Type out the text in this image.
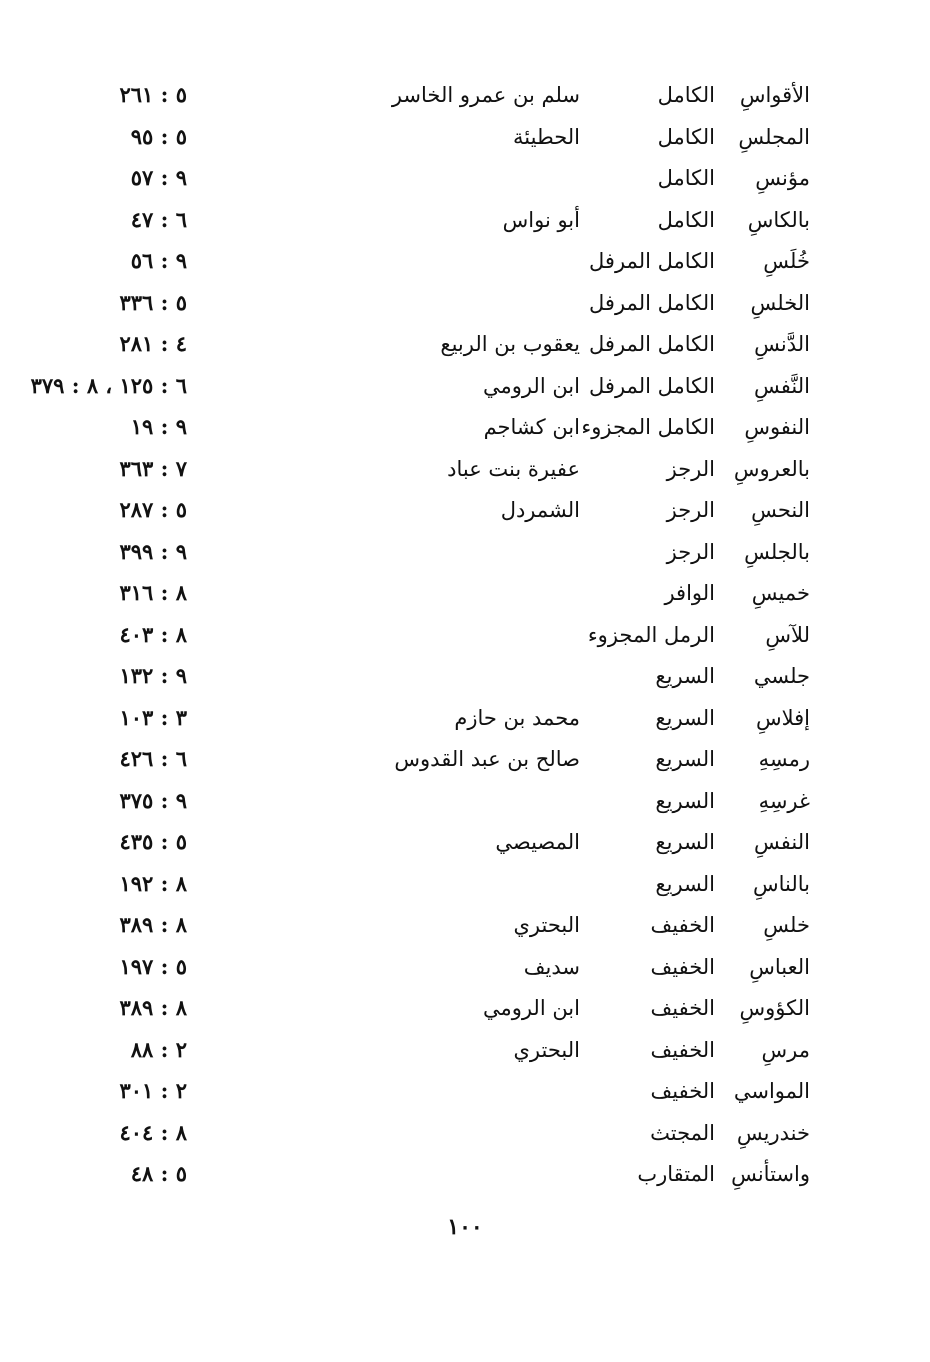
الأقواسِ
الكامل
سلم بن عمرو الخاسر
٥ : ٢٦١
المجلسِ
الكامل
الحطيئة
٥ : ٩٥
مؤنسِ
الكامل
٩ : ٥٧
بالكاسِ
الكامل
أبو نواس
٦ : ٤٧
خُلَسِ
الكامل المرفل
٩ : ٥٦
الخلسِ
الكامل المرفل
٥ : ٣٣٦
الدَّنسِ
الكامل المرفل
يعقوب بن الربيع
٤ : ٢٨١
النَّفسِ
الكامل المرفل
ابن الرومي
٦ : ١٢٥ ، ٨ : ٣٧٩
النفوسِ
الكامل المجزوء
ابن كشاجم
٩ : ١٩
بالعروسِ
الرجز
عفيرة بنت عباد
٧ : ٣٦٣
النحسِ
الرجز
الشمردل
٥ : ٢٨٧
بالجلسِ
الرجز
٩ : ٣٩٩
خميسِ
الوافر
٨ : ٣١٦
للآسِ
الرمل المجزوء
٨ : ٤٠٣
جلسي
السريع
٩ : ١٣٢
إفلاسِ
السريع
محمد بن حازم
٣ : ١٠٣
رمسِهِ
السريع
صالح بن عبد القدوس
٦ : ٤٢٦
غرسِهِ
السريع
٩ : ٣٧٥
النفسِ
السريع
المصيصي
٥ : ٤٣٥
بالناسِ
السريع
٨ : ١٩٢
خلسِ
الخفيف
البحتري
٨ : ٣٨٩
العباسِ
الخفيف
سديف
٥ : ١٩٧
الكؤوسِ
الخفيف
ابن الرومي
٨ : ٣٨٩
مرسِ
الخفيف
البحتري
٢ : ٨٨
المواسي
الخفيف
٢ : ٣٠١
خندريسِ
المجتث
٨ : ٤٠٤
واستأنسِ
المتقارب
٥ : ٤٨
١٠٠
